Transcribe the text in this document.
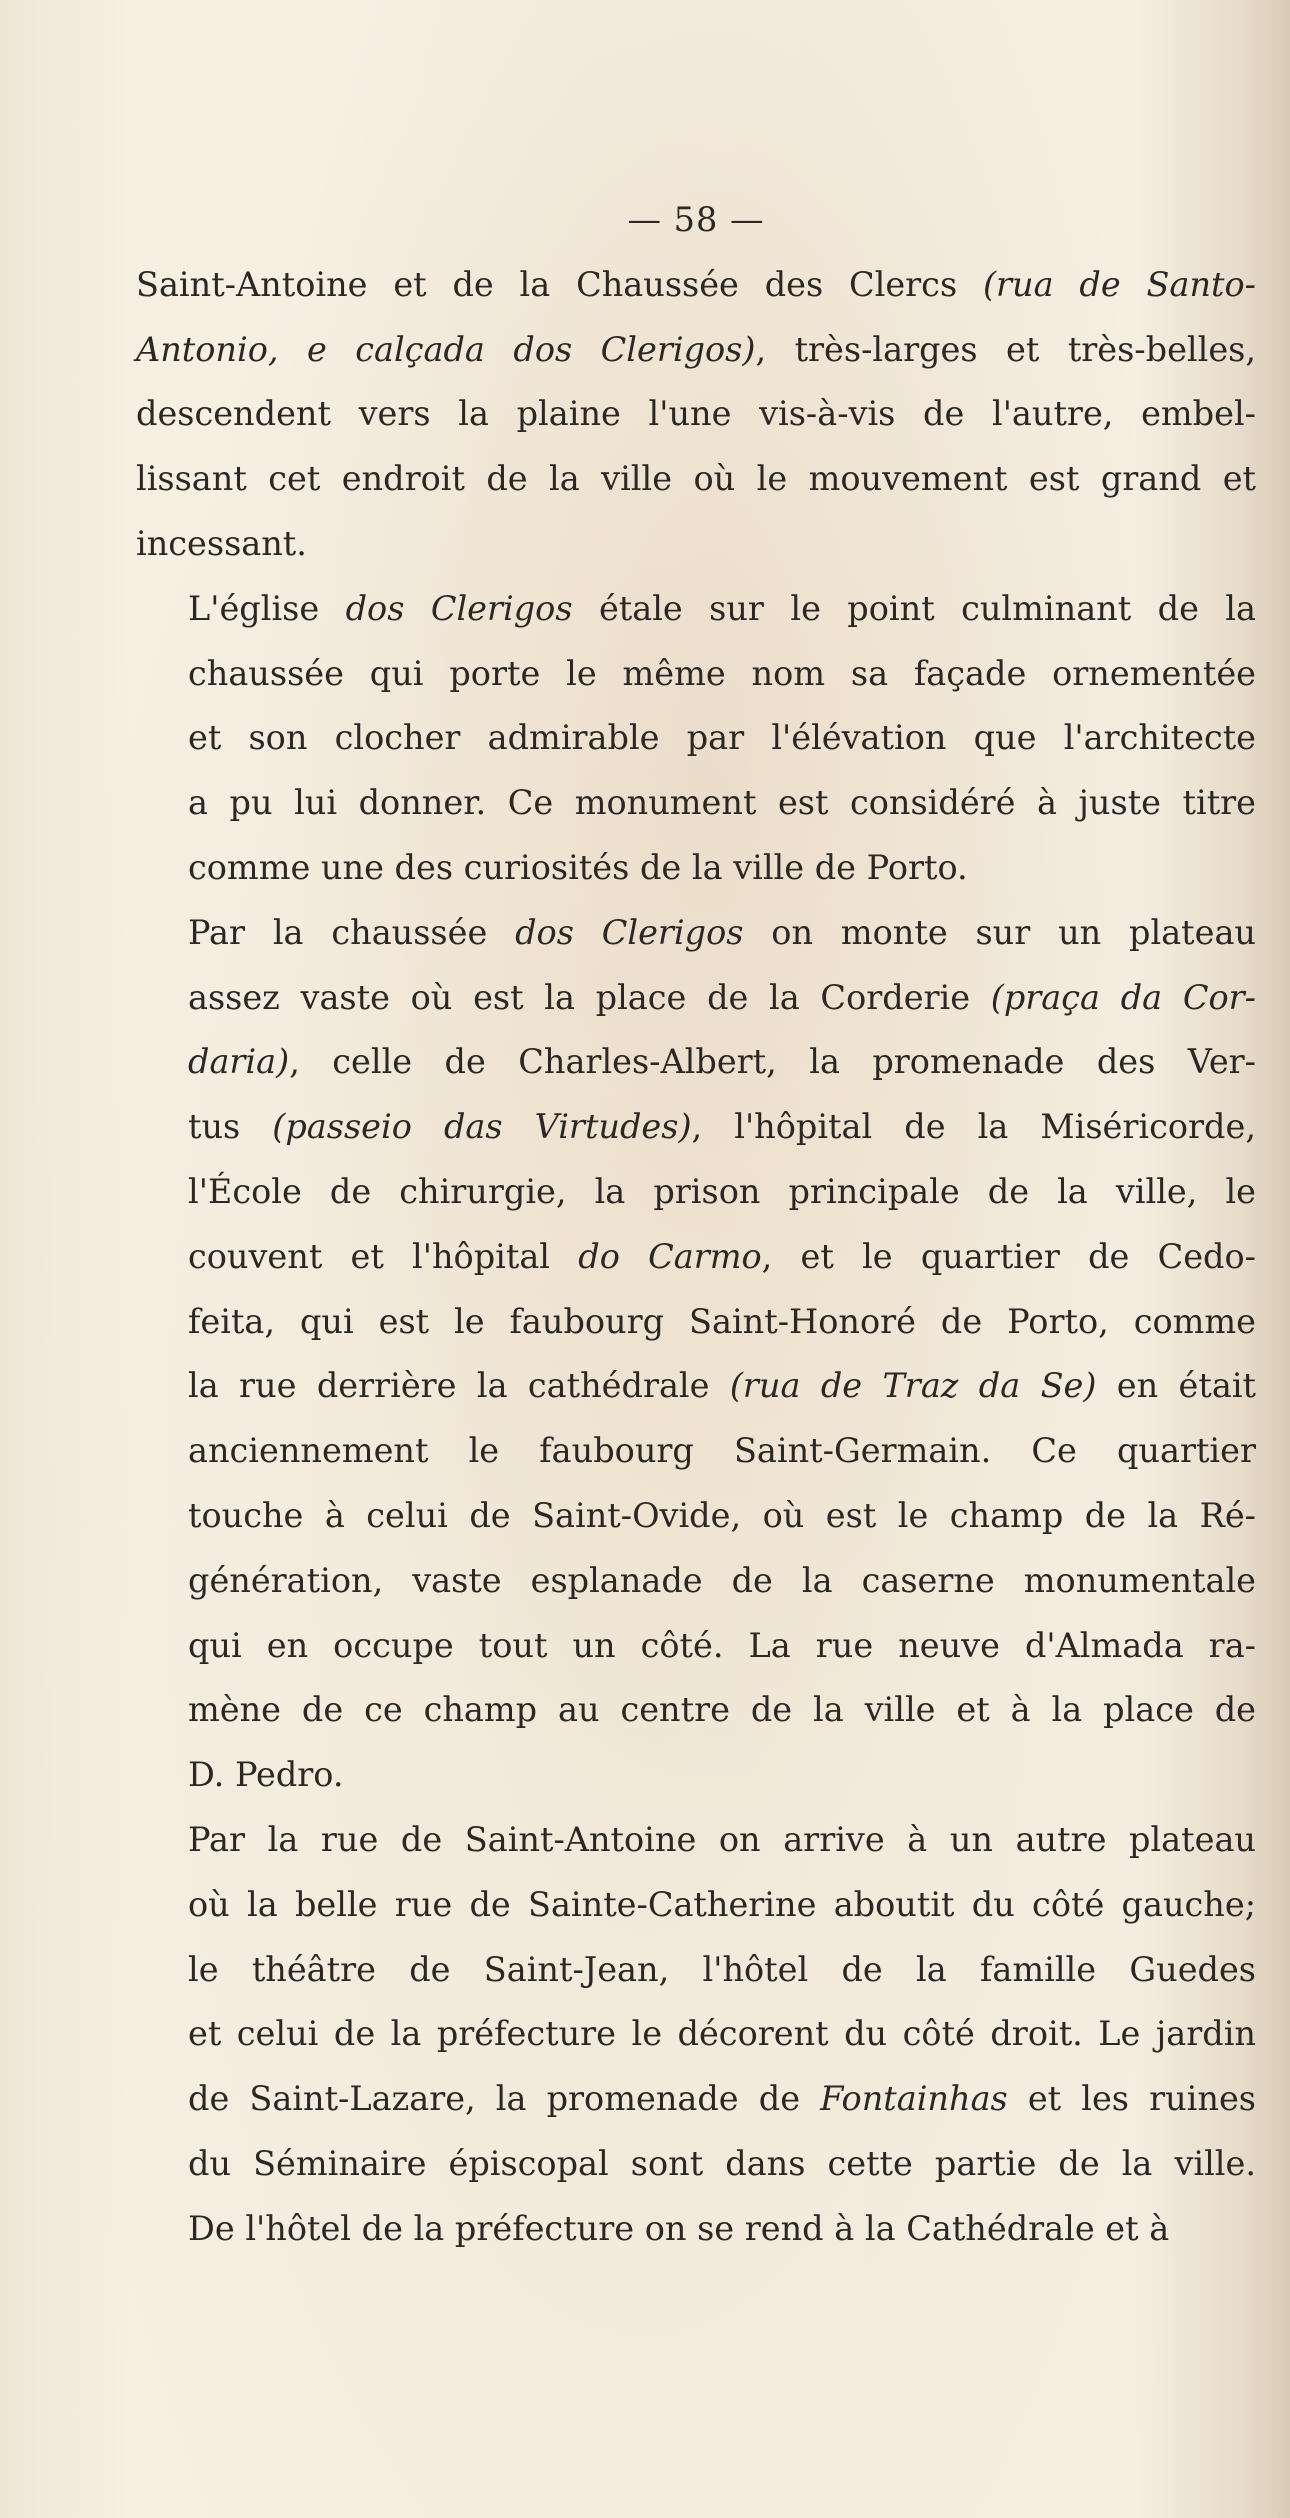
— 58 —

Saint-Antoine et de la Chaussée des Clercs (rua de Santo-
Antonio, e calçada dos Clerigos), très-larges et très-belles,
descendent vers la plaine l'une vis-à-vis de l'autre, embel-
lissant cet endroit de la ville où le mouvement est grand et
incessant.

L'église dos Clerigos étale sur le point culminant de la
chaussée qui porte le même nom sa façade ornementée
et son clocher admirable par l'élévation que l'architecte
a pu lui donner. Ce monument est considéré à juste titre
comme une des curiosités de la ville de Porto.

Par la chaussée dos Clerigos on monte sur un plateau
assez vaste où est la place de la Corderie (praça da Cor-
daria), celle de Charles-Albert, la promenade des Ver-
tus (passeio das Virtudes), l'hôpital de la Miséricorde,
l'École de chirurgie, la prison principale de la ville, le
couvent et l'hôpital do Carmo, et le quartier de Cedo-
feita, qui est le faubourg Saint-Honoré de Porto, comme
la rue derrière la cathédrale (rua de Traz da Se) en était
anciennement le faubourg Saint-Germain. Ce quartier
touche à celui de Saint-Ovide, où est le champ de la Ré-
génération, vaste esplanade de la caserne monumentale
qui en occupe tout un côté. La rue neuve d'Almada ra-
mène de ce champ au centre de la ville et à la place de
D. Pedro.

Par la rue de Saint-Antoine on arrive à un autre plateau
où la belle rue de Sainte-Catherine aboutit du côté gauche;
le théâtre de Saint-Jean, l'hôtel de la famille Guedes
et celui de la préfecture le décorent du côté droit. Le jardin
de Saint-Lazare, la promenade de Fontainhas et les ruines
du Séminaire épiscopal sont dans cette partie de la ville.
De l'hôtel de la préfecture on se rend à la Cathédrale et à
